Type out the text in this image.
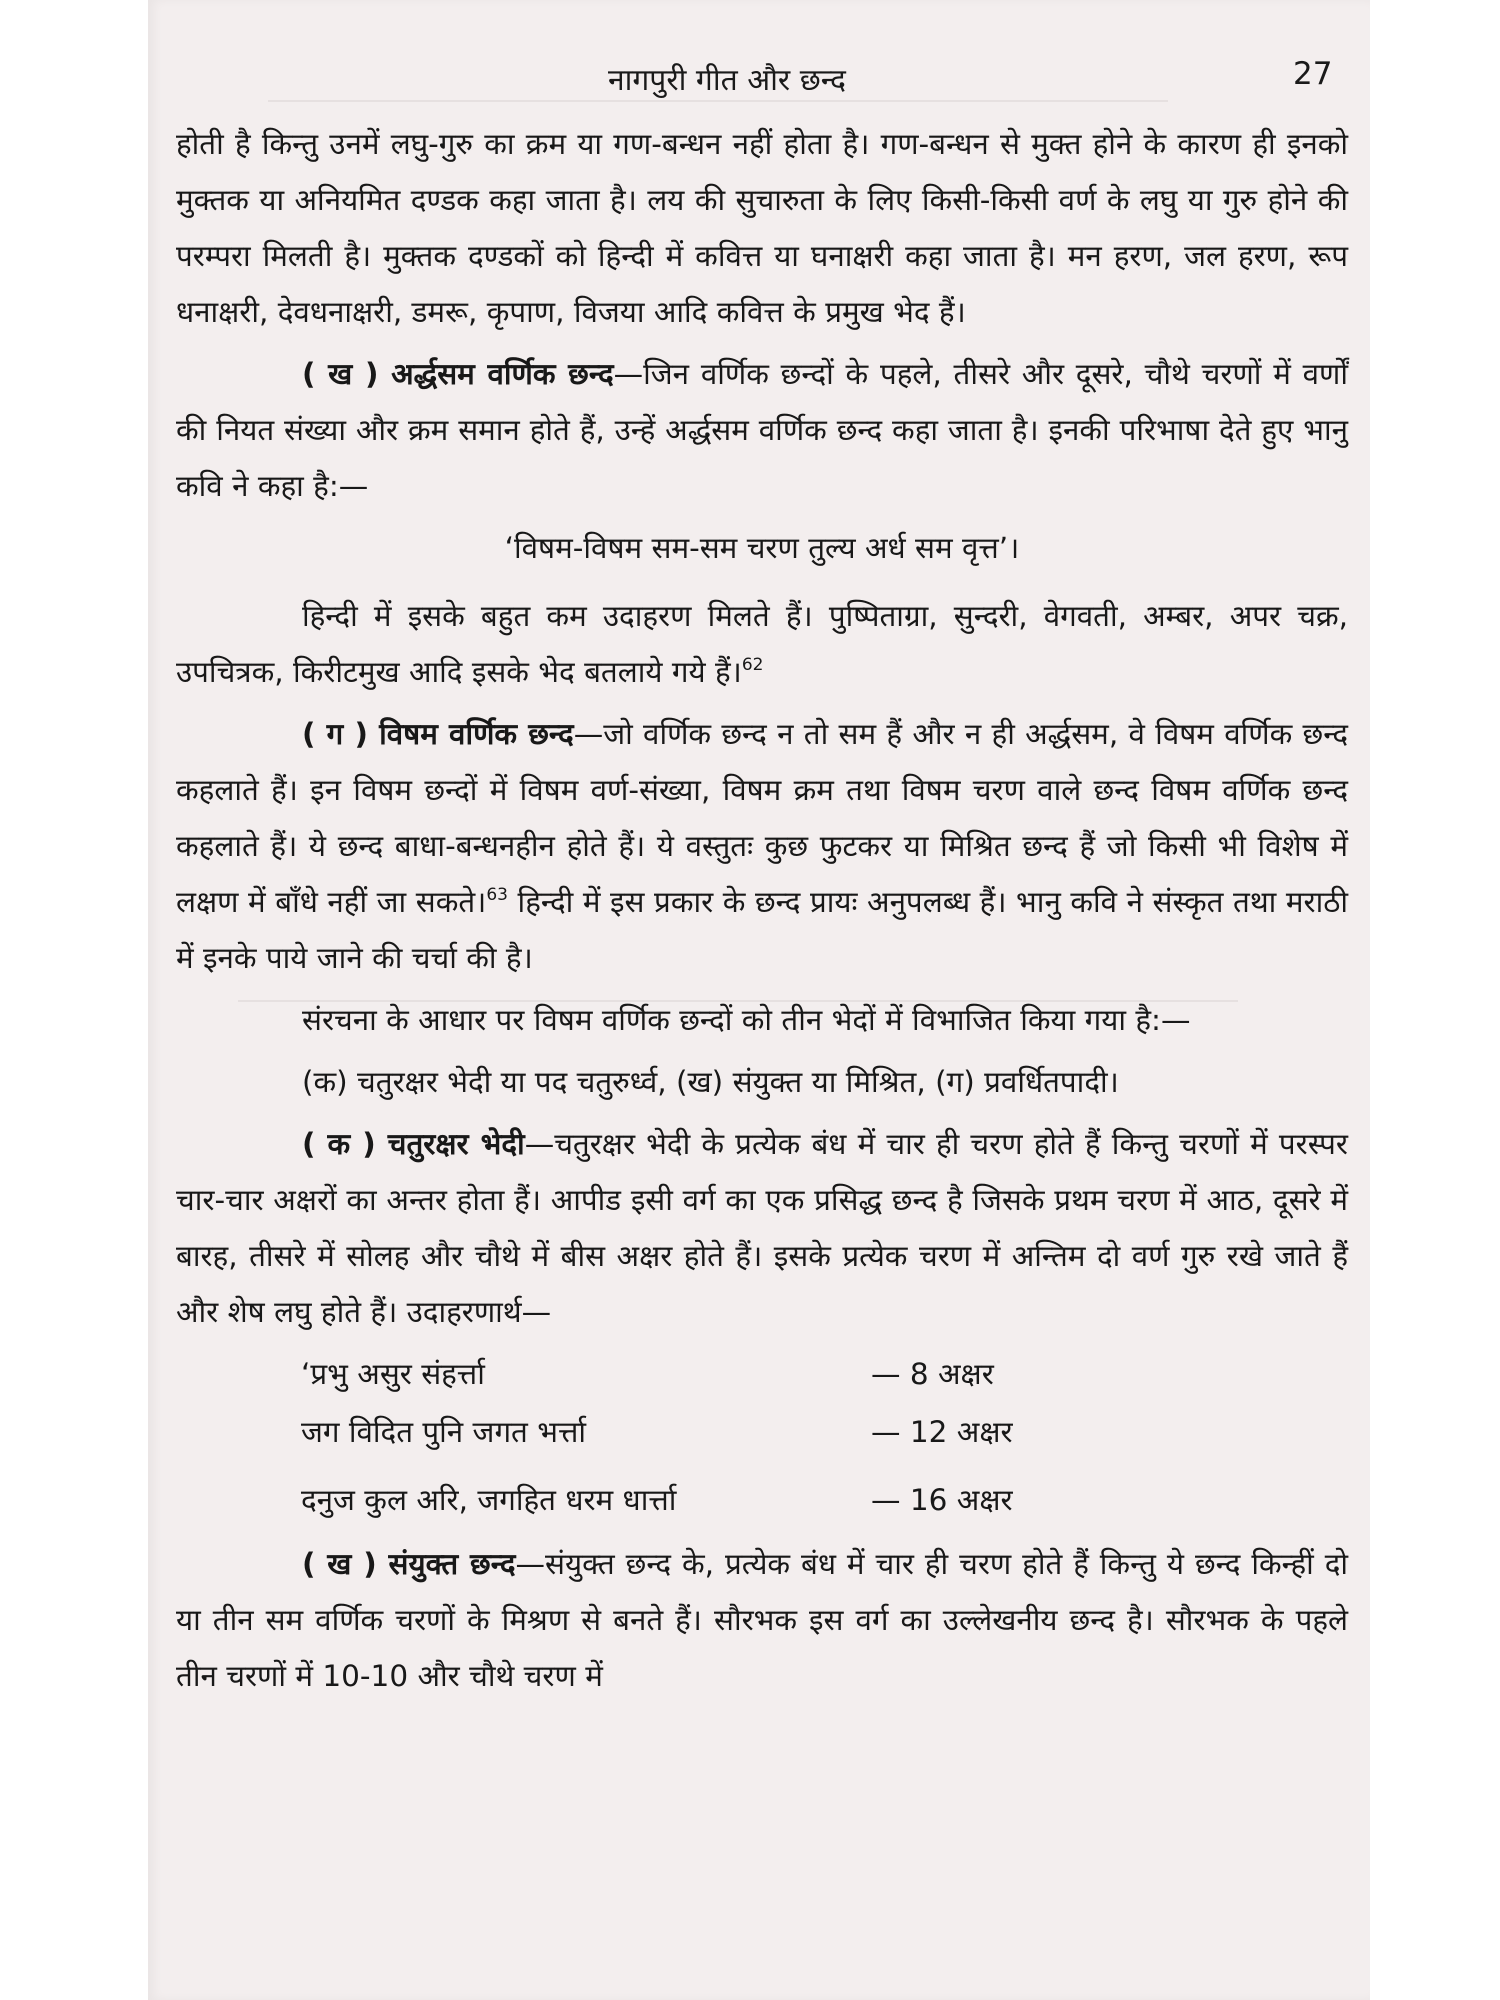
नागपुरी गीत और छन्द	27

होती है किन्तु उनमें लघु-गुरु का क्रम या गण-बन्धन नहीं होता है। गण-बन्धन से मुक्त होने के कारण ही इनको मुक्तक या अनियमित दण्डक कहा जाता है। लय की सुचारुता के लिए किसी-किसी वर्ण के लघु या गुरु होने की परम्परा मिलती है। मुक्तक दण्डकों को हिन्दी में कवित्त या घनाक्षरी कहा जाता है। मन हरण, जल हरण, रूप धनाक्षरी, देवधनाक्षरी, डमरू, कृपाण, विजया आदि कवित्त के प्रमुख भेद हैं।

( ख ) अर्द्धसम वर्णिक छन्द—जिन वर्णिक छन्दों के पहले, तीसरे और दूसरे, चौथे चरणों में वर्णों की नियत संख्या और क्रम समान होते हैं, उन्हें अर्द्धसम वर्णिक छन्द कहा जाता है। इनकी परिभाषा देते हुए भानु कवि ने कहा है:—

‘विषम-विषम सम-सम चरण तुल्य अर्ध सम वृत्त’।

हिन्दी में इसके बहुत कम उदाहरण मिलते हैं। पुष्पिताग्रा, सुन्दरी, वेगवती, अम्बर, अपर चक्र, उपचित्रक, किरीटमुख आदि इसके भेद बतलाये गये हैं।$^{62}$

( ग ) विषम वर्णिक छन्द—जो वर्णिक छन्द न तो सम हैं और न ही अर्द्धसम, वे विषम वर्णिक छन्द कहलाते हैं। इन विषम छन्दों में विषम वर्ण-संख्या, विषम क्रम तथा विषम चरण वाले छन्द विषम वर्णिक छन्द कहलाते हैं। ये छन्द बाधा-बन्धनहीन होते हैं। ये वस्तुतः कुछ फुटकर या मिश्रित छन्द हैं जो किसी भी विशेष में लक्षण में बाँधे नहीं जा सकते।$^{63}$ हिन्दी में इस प्रकार के छन्द प्रायः अनुपलब्ध हैं। भानु कवि ने संस्कृत तथा मराठी में इनके पाये जाने की चर्चा की है।

संरचना के आधार पर विषम वर्णिक छन्दों को तीन भेदों में विभाजित किया गया है:—

(क) चतुरक्षर भेदी या पद चतुरुर्ध्व, (ख) संयुक्त या मिश्रित, (ग) प्रवर्धितपादी।

( क ) चतुरक्षर भेदी—चतुरक्षर भेदी के प्रत्येक बंध में चार ही चरण होते हैं किन्तु चरणों में परस्पर चार-चार अक्षरों का अन्तर होता हैं। आपीड इसी वर्ग का एक प्रसिद्ध छन्द है जिसके प्रथम चरण में आठ, दूसरे में बारह, तीसरे में सोलह और चौथे में बीस अक्षर होते हैं। इसके प्रत्येक चरण में अन्तिम दो वर्ण गुरु रखे जाते हैं और शेष लघु होते हैं। उदाहरणार्थ—

‘प्रभु असुर संहर्त्ता	— 8 अक्षर
जग विदित पुनि जगत भर्त्ता	— 12 अक्षर
दनुज कुल अरि, जगहित धरम धार्त्ता	— 16 अक्षर

( ख ) संयुक्त छन्द—संयुक्त छन्द के, प्रत्येक बंध में चार ही चरण होते हैं किन्तु ये छन्द किन्हीं दो या तीन सम वर्णिक चरणों के मिश्रण से बनते हैं। सौरभक इस वर्ग का उल्लेखनीय छन्द है। सौरभक के पहले तीन चरणों में 10-10 और चौथे चरण में
